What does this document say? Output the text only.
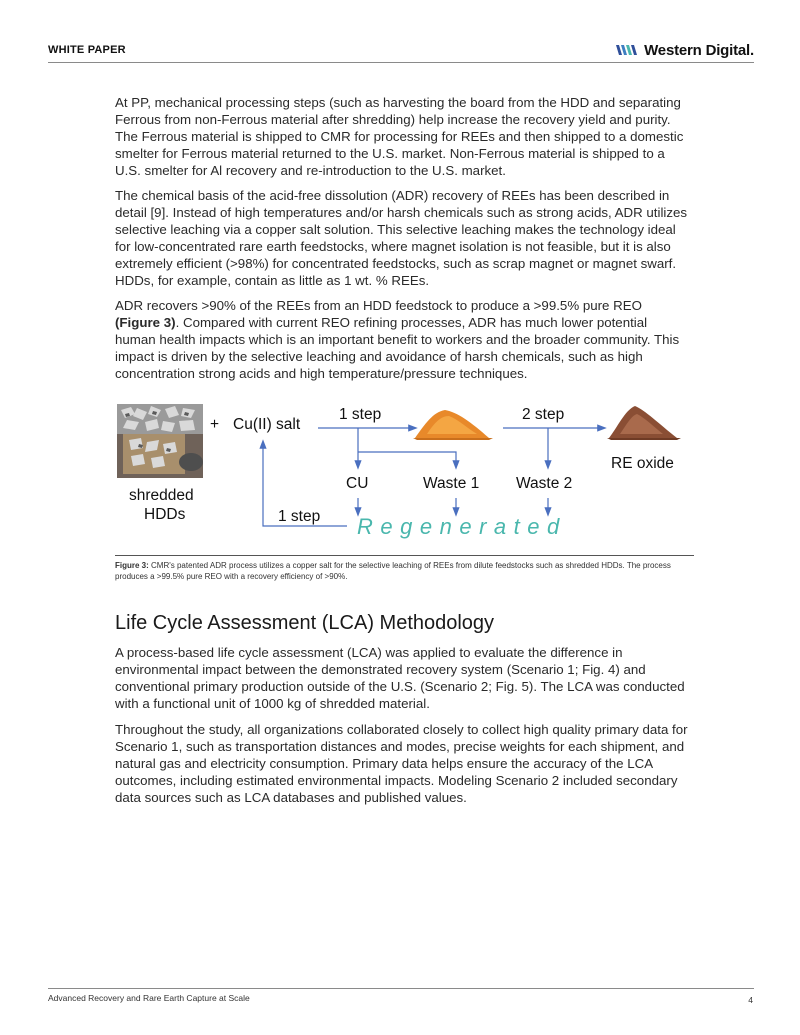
WHITE PAPER	Western Digital.

At PP, mechanical processing steps (such as harvesting the board from the HDD and separating Ferrous from non-Ferrous material after shredding) help increase the recovery yield and purity. The Ferrous material is shipped to CMR for processing for REEs and then shipped to a domestic smelter for Ferrous material returned to the U.S. market. Non-Ferrous material is shipped to a U.S. smelter for Al recovery and re-introduction to the U.S. market.

The chemical basis of the acid-free dissolution (ADR) recovery of REEs has been described in detail [9]. Instead of high temperatures and/or harsh chemicals such as strong acids, ADR utilizes selective leaching via a copper salt solution. This selective leaching makes the technology ideal for low-concentrated rare earth feedstocks, where magnet isolation is not feasible, but it is also extremely efficient (>98%) for concentrated feedstocks, such as scrap magnet or magnet swarf. HDDs, for example, contain as little as 1 wt. % REEs.

ADR recovers >90% of the REEs from an HDD feedstock to produce a >99.5% pure REO (Figure 3). Compared with current REO refining processes, ADR has much lower potential human health impacts which is an important benefit to workers and the broader community. This impact is driven by the selective leaching and avoidance of harsh chemicals, such as high concentration strong acids and high temperature/pressure techniques.

+ Cu(II) salt
1 step	2 step
RE oxide
CU	Waste 1 Waste 2
shredded
HDDs	1 step Regenerated
Figure 3: CMR's patented ADR process utilizes a copper salt for the selective leaching of REEs from dilute feedstocks such as shredded HDDs. The process produces a >99.5% pure REO with a recovery efficiency of >90%.
Life Cycle Assessment (LCA) Methodology

A process-based life cycle assessment (LCA) was applied to evaluate the difference in environmental impact between the demonstrated recovery system (Scenario 1; Fig. 4) and conventional primary production outside of the U.S. (Scenario 2; Fig. 5). The LCA was conducted with a functional unit of 1000 kg of shredded material.

Throughout the study, all organizations collaborated closely to collect high quality primary data for Scenario 1, such as transportation distances and modes, precise weights for each shipment, and natural gas and electricity consumption. Primary data helps ensure the accuracy of the LCA outcomes, including estimated environmental impacts. Modeling Scenario 2 included secondary data sources such as LCA databases and published values.

Advanced Recovery and Rare Earth Capture at Scale	4
